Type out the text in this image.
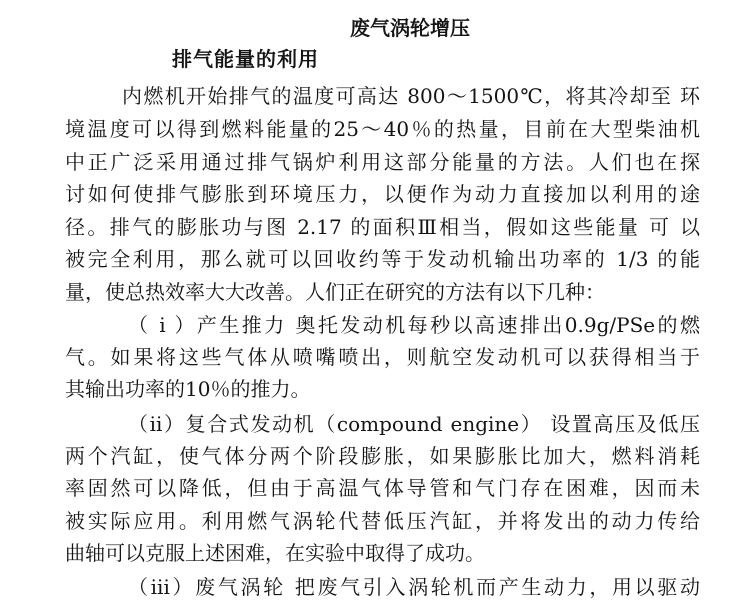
废气涡轮增压
排气能量的利用
内燃机开始排气的温度可高达 800～1500℃，将其冷却至 环
境温度可以得到燃料能量的25～40％的热量，目前在大型柴油机
中正广泛采用通过排气锅炉利用这部分能量的方法。人们也在探
讨如何使排气膨胀到环境压力，以便作为动力直接加以利用的途
径。排气的膨胀功与图 2.17 的面积Ⅲ相当，假如这些能量 可 以
被完全利用，那么就可以回收约等于发动机输出功率的 1/3 的能
量，使总热效率大大改善。人们正在研究的方法有以下几种：
（ i ）产生推力 奥托发动机每秒以高速排出0.9g/PSe的燃
气。如果将这些气体从喷嘴喷出，则航空发动机可以获得相当于
其输出功率的10％的推力。
（ii）复合式发动机（compound engine） 设置高压及低压
两个汽缸，使气体分两个阶段膨胀，如果膨胀比加大，燃料消耗
率固然可以降低，但由于高温气体导管和气门存在困难，因而未
被实际应用。利用燃气涡轮代替低压汽缸，并将发出的动力传给
曲轴可以克服上述困难，在实验中取得了成功。
（iii）废气涡轮 把废气引入涡轮机而产生动力，用以驱动
